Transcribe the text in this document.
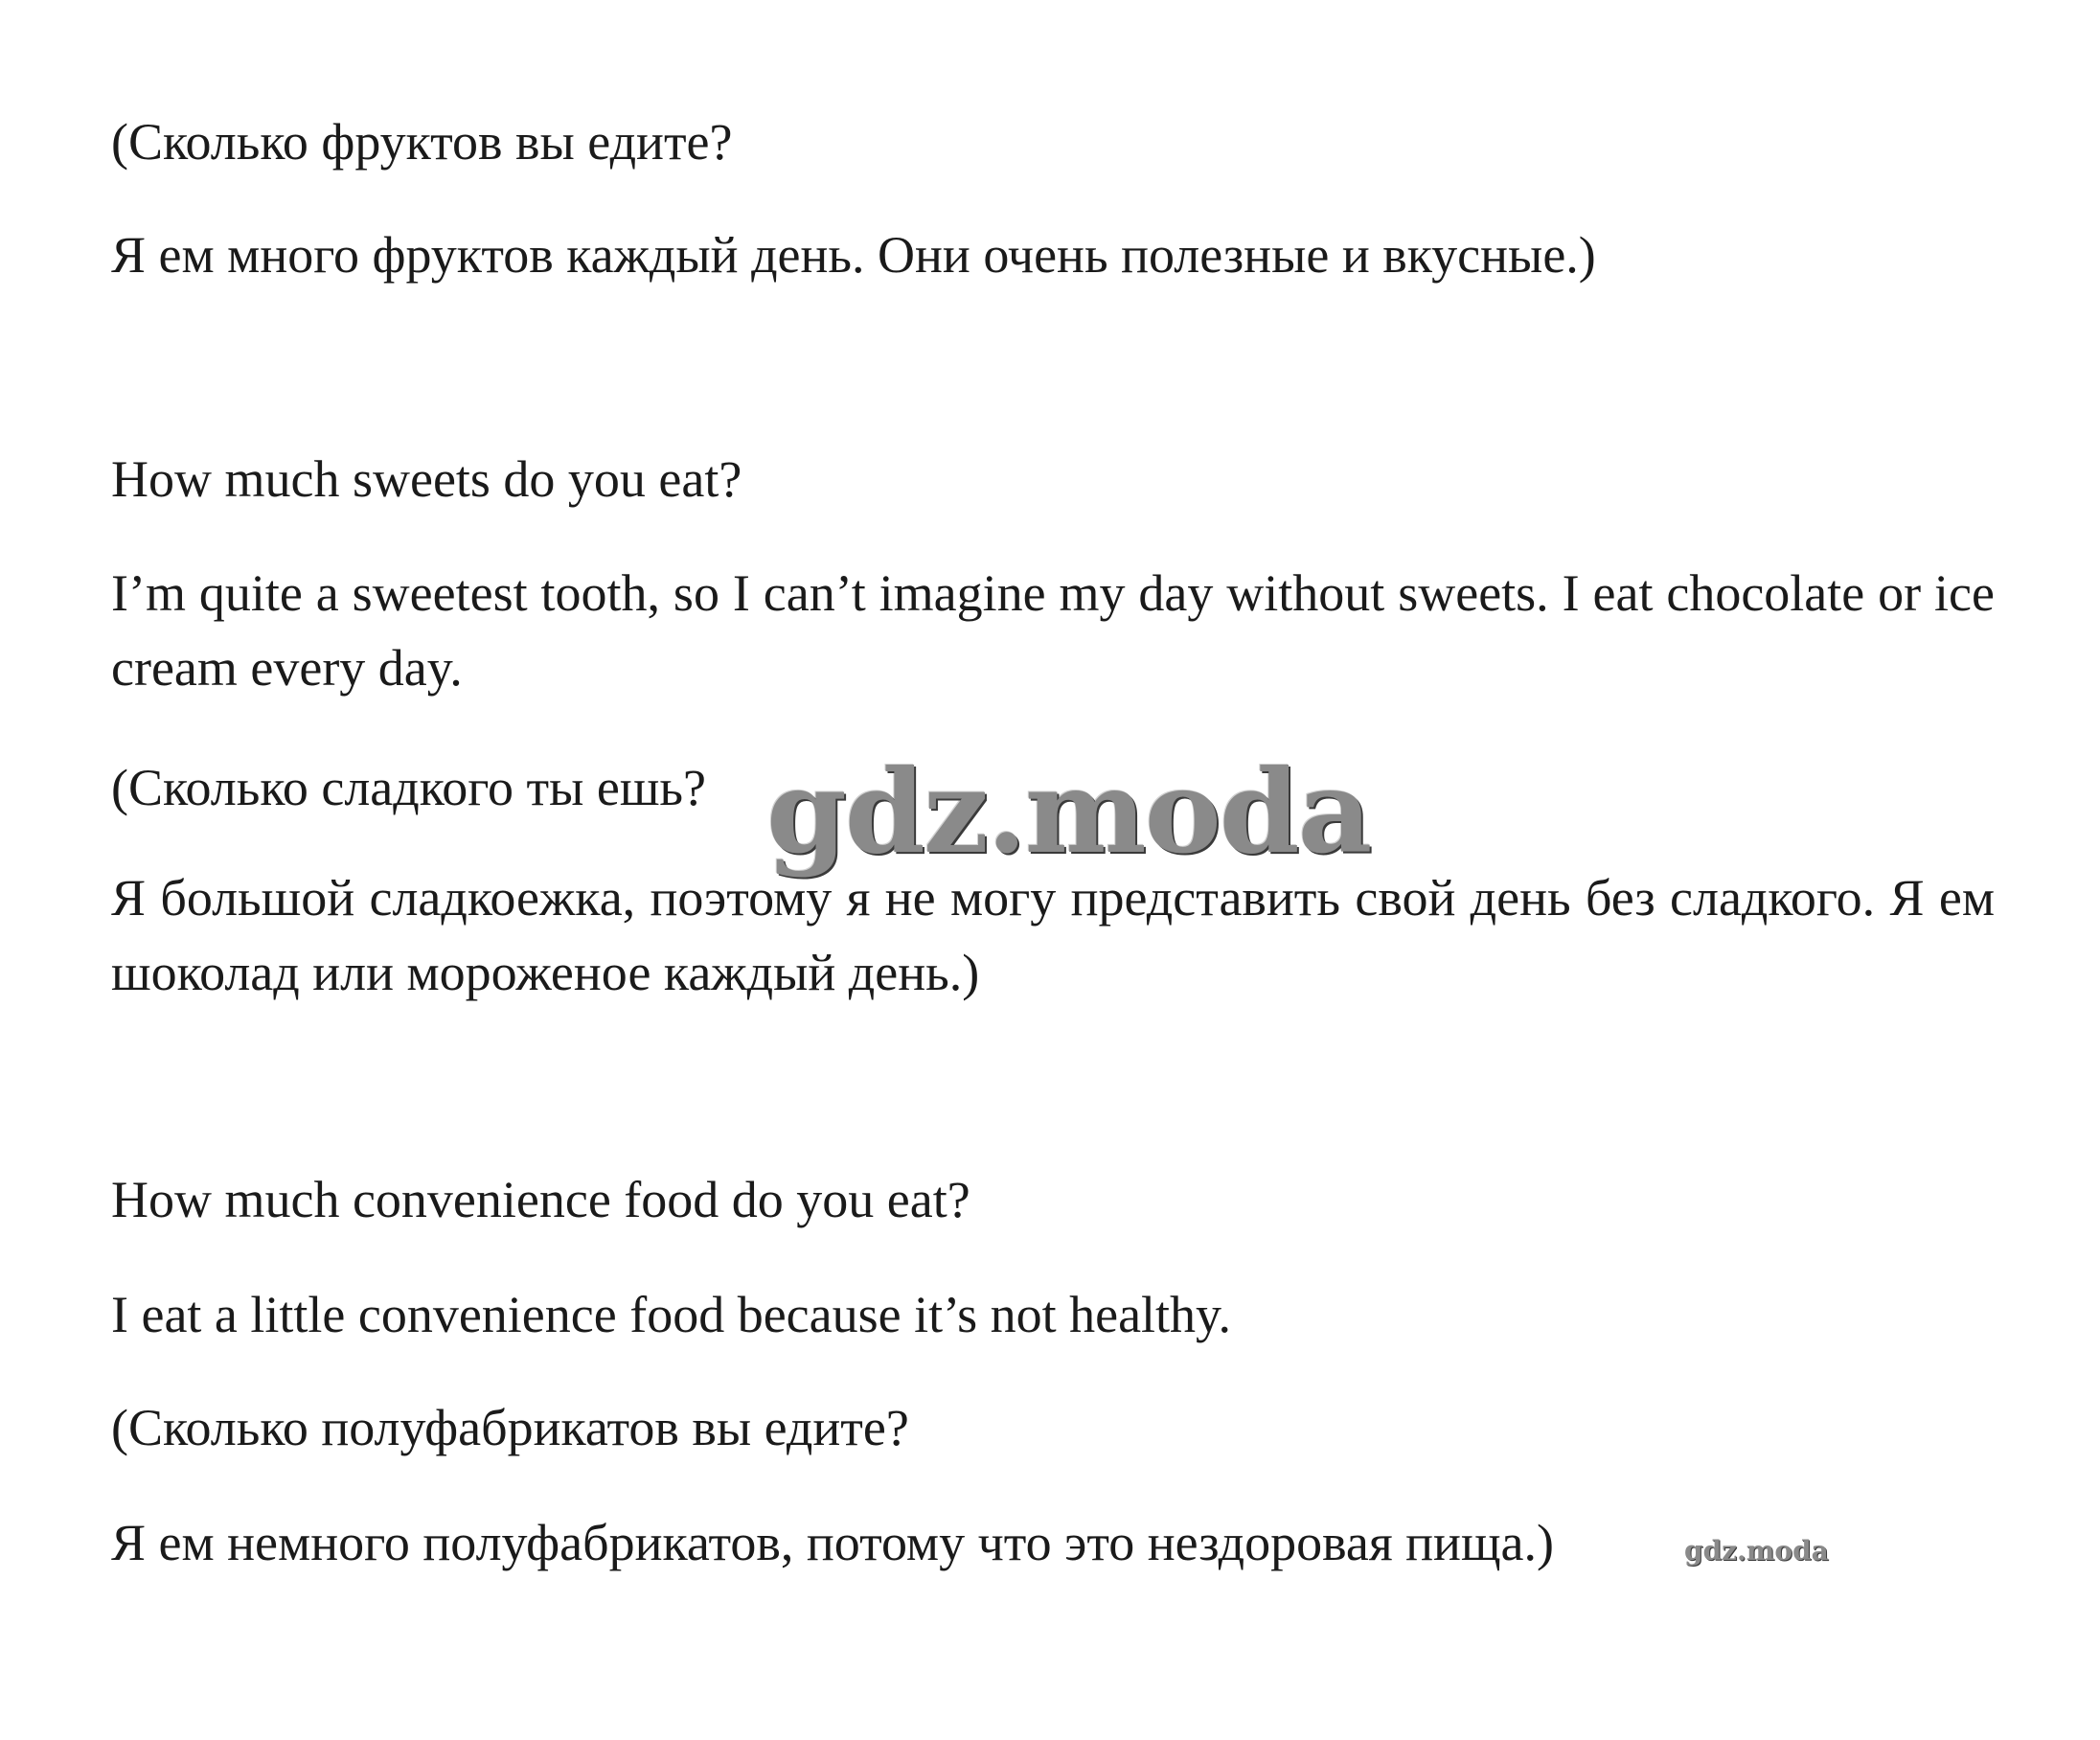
(Сколько фруктов вы едите?
Я ем много фруктов каждый день. Они очень полезные и вкусные.)
How much sweets do you eat?
I’m quite a sweetest tooth, so I can’t imagine my day without sweets. I eat chocolate or ice cream every day.
(Сколько сладкого ты ешь?
Я большой сладкоежка, поэтому я не могу представить свой день без сладкого. Я ем шоколад или мороженое каждый день.)
How much convenience food do you eat?
I eat a little convenience food because it’s not healthy.
(Сколько полуфабрикатов вы едите?
Я ем немного полуфабрикатов, потому что это нездоровая пища.)
gdz.moda
gdz.moda
